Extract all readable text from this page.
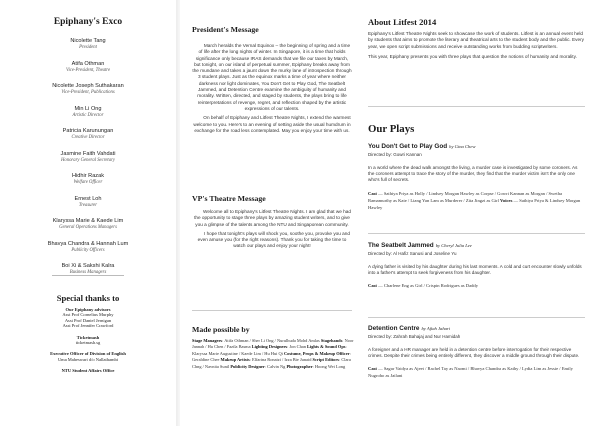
Epiphany's Exco
Nicolette Tang
President
Atifa Othman
Vice-President, Theatre
Nicolette Joseph Suthakaran
Vice-President, Publications
Min Li Ong
Artistic Director
Patricia Karunungan
Creative Director
Jasmine Faith Vahdati
Honorary General Secretary
Hidhir Razak
Welfare Officer
Ernest Loh
Treasurer
Klaryssa Marie & Kaede Lim
General Operations Managers
Bhavya Chandra & Hannah Lum
Publicity Officers
Boi Xi & Sakshi Kalra
Business Managers
Special thanks to
Our Epiphany advisors
Asst Prof Cornelius Murphy
Asst Prof Daniel Jernigan
Asst Prof Jennifer Crawford
Ticketmash
ticketmash.sg
Executive Officer of Division of English
Uma Maheswari d/o Nallathambi
NTU Student Affairs Office
President's Message

March heralds the Vernal Equinox – the beginning of spring and a time of life after the long nights of winter. In Singapore, it is a time that holds significance only because IRAS demands that we file our taxes by March, but tonight, on our island of perpetual summer, Epiphany breaks away from the mundane and takes a jaunt down the murky lane of introspection through 3 student plays. Just as the equinox marks a time of year where neither darkness nor light dominates, You Don't Get to Play God, The Seatbelt Jammed, and Detention Centre examine the ambiguity of humanity and morality. Written, directed, and staged by students, the plays bring to life reinterpretations of revenge, regret, and reflection shaped by the artistic expressions of our talents.

On behalf of Epiphany and Litfest Theatre Nights, I extend the warmest welcome to you. Here's to an evening of setting aside the usual humdrum in exchange for the road less contemplated. May you enjoy your time with us.

VP's Theatre Message

Welcome all to Epiphany's Litfest Theatre Nights. I am glad that we had the opportunity to stage three plays by amazing student writers, and to give you a glimpse of the talents among the NTU and Singaporean community.

I hope that tonight's plays will shock you, soothe you, provoke you and even amuse you (for the right reasons). Thank you for taking the time to watch our plays and enjoy your night!

Made possible by
Stage Managers: Atifa Othman / Sher Li Ong / Nurulhuda Mohd Amlas Stagehands: Noor Jannah / Hu Chen / Fazila Basma Lighting Designers: Jon Chan Lights & Sound Ops: Klaryssa Marie Augustine / Kaede Lim / Hu Hui Qi Costume, Props & Makeup Officer: Geraldine Chee Makeup Artists: Elfarina Ronaizi / Izza Bte Junaid Script Editors: Clara Chng / Navnita Sunil Publicity Designer: Calvin Ng Photographer: Hoong Wei Long
About Litfest 2014

Epiphany's Litfest Theatre Nights seek to showcase the work of students. Litfest is an annual event held by students that aims to promote the literary and theatrical arts to the student body and the public. Every year, we open script submissions and receive outstanding works from budding scriptwriters.

This year, Epiphany presents you with three plays that question the notions of humanity and morality.

Our Plays
You Don't Get to Play God by Gina Chew
Directed by: Gowri Kannan
In a world where the dead walk amongst the living, a murder case is investigated by some coroners. As the coroners attempt to trace the story of the murder, they find that the murder victim isn't the only one who's full of secrets.
Cast — Sathiya Priya as Holly / Lindsey Morgan Hawley as Corpse / Gowri Kannan as Morgan / Swetha Ramamurthy as Kate / Liang Yan Lam as Murderer / Zita Jingzi as Girl Voices — Sathiya Priya & Lindsey Morgan Hawley
The Seatbelt Jammed by Cheryl Julia Lee
Directed by: Al Hafiz Sanusi and Joseline Yu
A dying father is visited by his daughter during his last moments. A cold and curt encounter slowly unfolds into a father's attempt to seek forgiveness from his daughter.
Cast — Charlene Eng as Girl / Crispin Rodrigues as Daddy
Detention Centre by Afiah Jahari
Directed by: Zahrah Bahajaj and Nur Hamidah
A foreigner and a HR manager are held in a detention centre before interrogation for their respective crimes. Despite their crimes being entirely different, they discover a middle ground through their dispute.
Cast — Sagar Vaidya as Ajeet / Rachel Tay as Naomi / Bhavya Chandra as Kathy / Lydia Lim as Jessie / Emily Nugroho as Jailani
